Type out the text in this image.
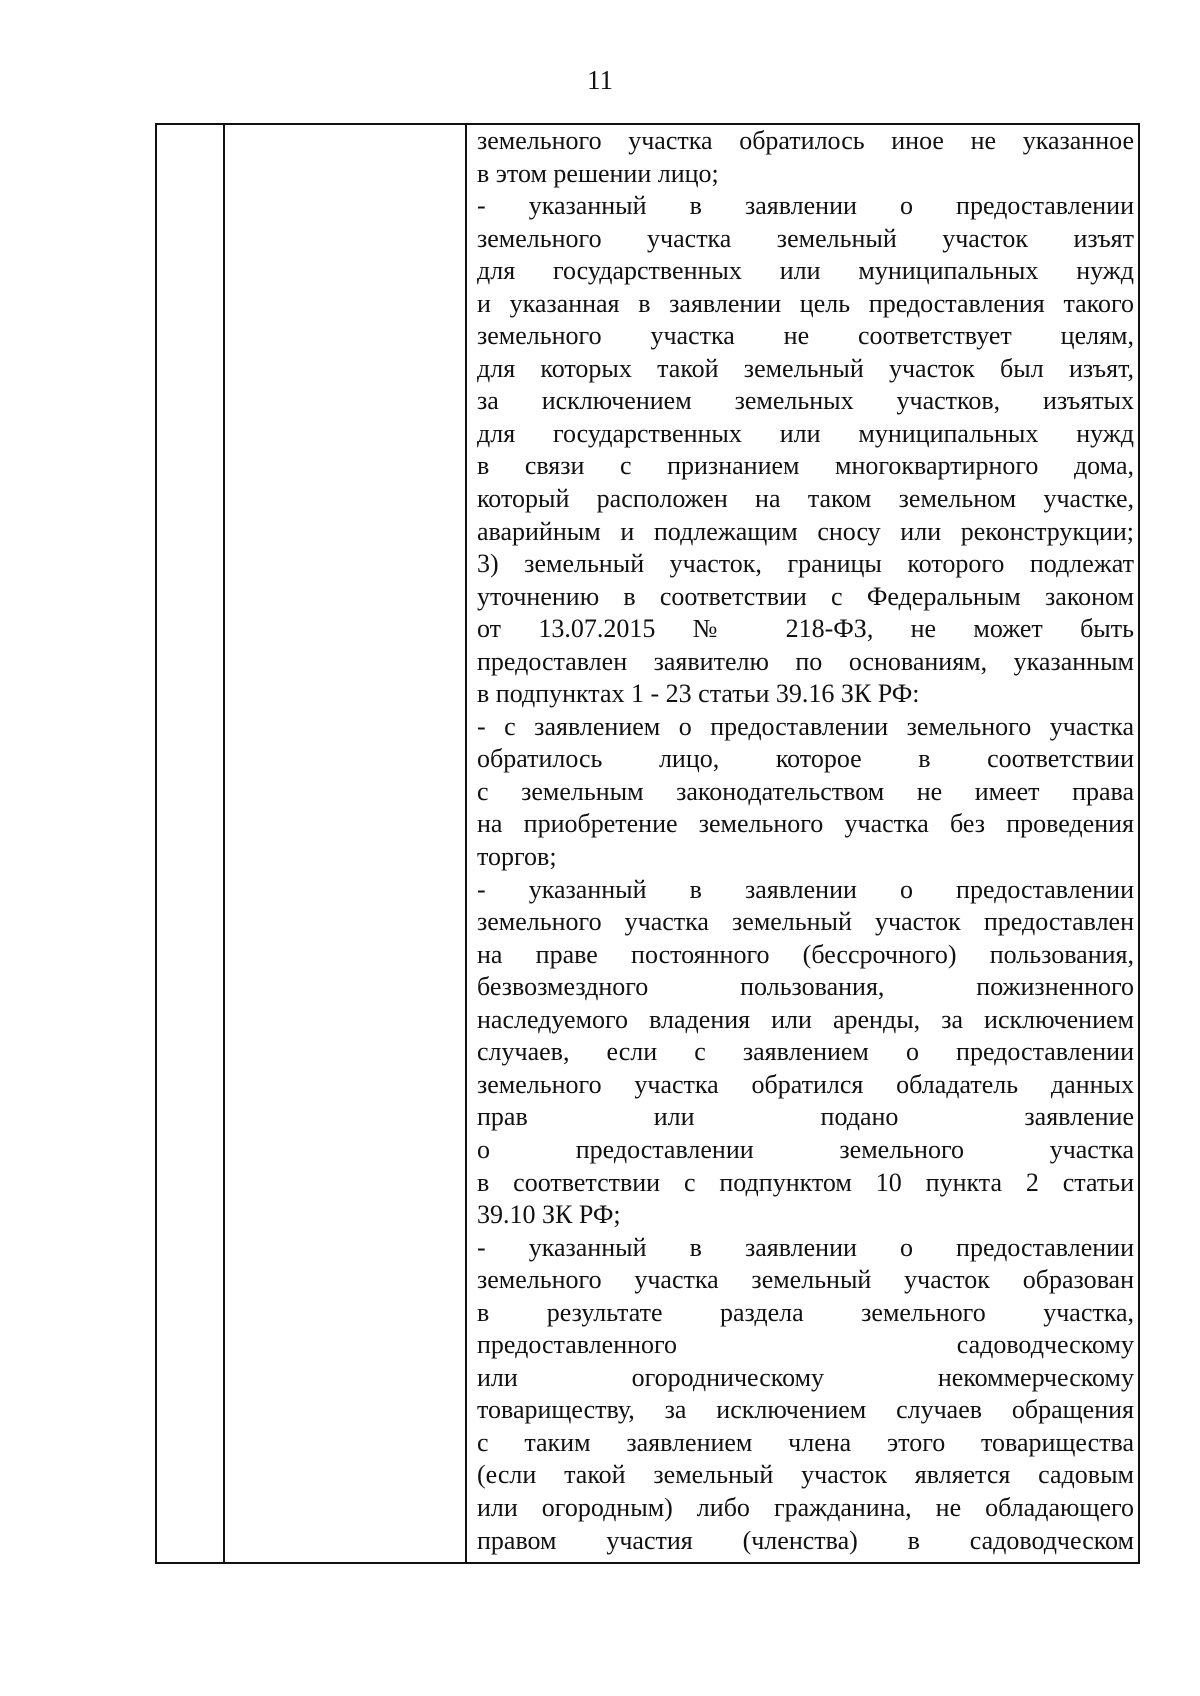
11
земельного участка обратилось иное не указанное
в этом решении лицо;
- указанный в заявлении о предоставлении
земельного участка земельный участок изъят
для государственных или муниципальных нужд
и указанная в заявлении цель предоставления такого
земельного участка не соответствует целям,
для которых такой земельный участок был изъят,
за исключением земельных участков, изъятых
для государственных или муниципальных нужд
в связи с признанием многоквартирного дома,
который расположен на таком земельном участке,
аварийным и подлежащим сносу или реконструкции;
3) земельный участок, границы которого подлежат
уточнению в соответствии с Федеральным законом
от 13.07.2015 № 218-ФЗ, не может быть
предоставлен заявителю по основаниям, указанным
в подпунктах 1 - 23 статьи 39.16 ЗК РФ:
- с заявлением о предоставлении земельного участка
обратилось лицо, которое в соответствии
с земельным законодательством не имеет права
на приобретение земельного участка без проведения
торгов;
- указанный в заявлении о предоставлении
земельного участка земельный участок предоставлен
на праве постоянного (бессрочного) пользования,
безвозмездного пользования, пожизненного
наследуемого владения или аренды, за исключением
случаев, если с заявлением о предоставлении
земельного участка обратился обладатель данных
прав или подано заявление
о предоставлении земельного участка
в соответствии с подпунктом 10 пункта 2 статьи
39.10 ЗК РФ;
- указанный в заявлении о предоставлении
земельного участка земельный участок образован
в результате раздела земельного участка,
предоставленного садоводческому
или огородническому некоммерческому
товариществу, за исключением случаев обращения
с таким заявлением члена этого товарищества
(если такой земельный участок является садовым
или огородным) либо гражданина, не обладающего
правом участия (членства) в садоводческом
